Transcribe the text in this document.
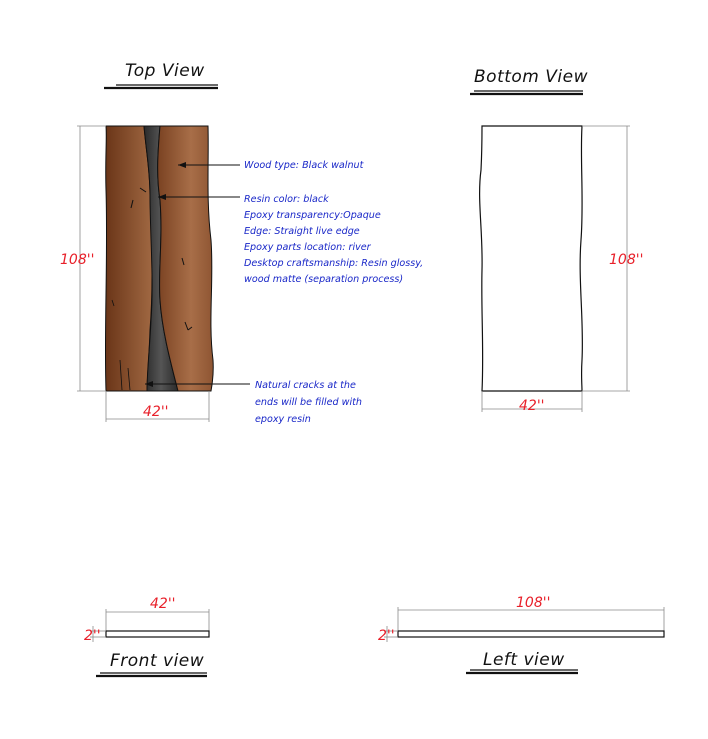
Top View
108''
42''
Wood type: Black walnut
Resin color: black
Epoxy transparency:Opaque
Edge: Straight live edge
Epoxy parts location: river
Desktop craftsmanship: Resin glossy,
wood matte (separation process)
Natural cracks at the
ends will be filled with
epoxy resin
Bottom View
108''
42''
42''
2''
Front view
108''
2''
Left view
